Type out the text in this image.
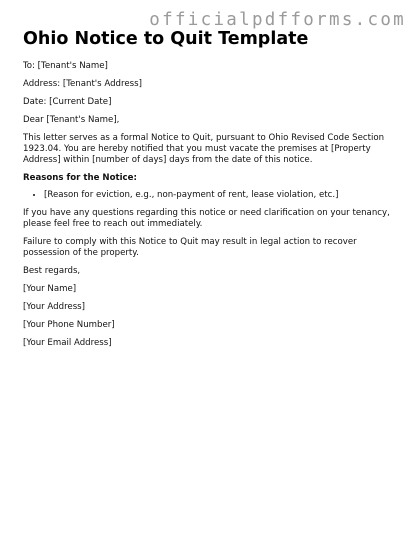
officialpdfforms.com
Ohio Notice to Quit Template

To: [Tenant's Name]

Address: [Tenant's Address]

Date: [Current Date]

Dear [Tenant's Name],

This letter serves as a formal Notice to Quit, pursuant to Ohio Revised Code Section 1923.04. You are hereby notified that you must vacate the premises at [Property Address] within [number of days] days from the date of this notice.

Reasons for the Notice:
• [Reason for eviction, e.g., non-payment of rent, lease violation, etc.]

If you have any questions regarding this notice or need clarification on your tenancy, please feel free to reach out immediately.

Failure to comply with this Notice to Quit may result in legal action to recover possession of the property.

Best regards,

[Your Name]

[Your Address]

[Your Phone Number]

[Your Email Address]
